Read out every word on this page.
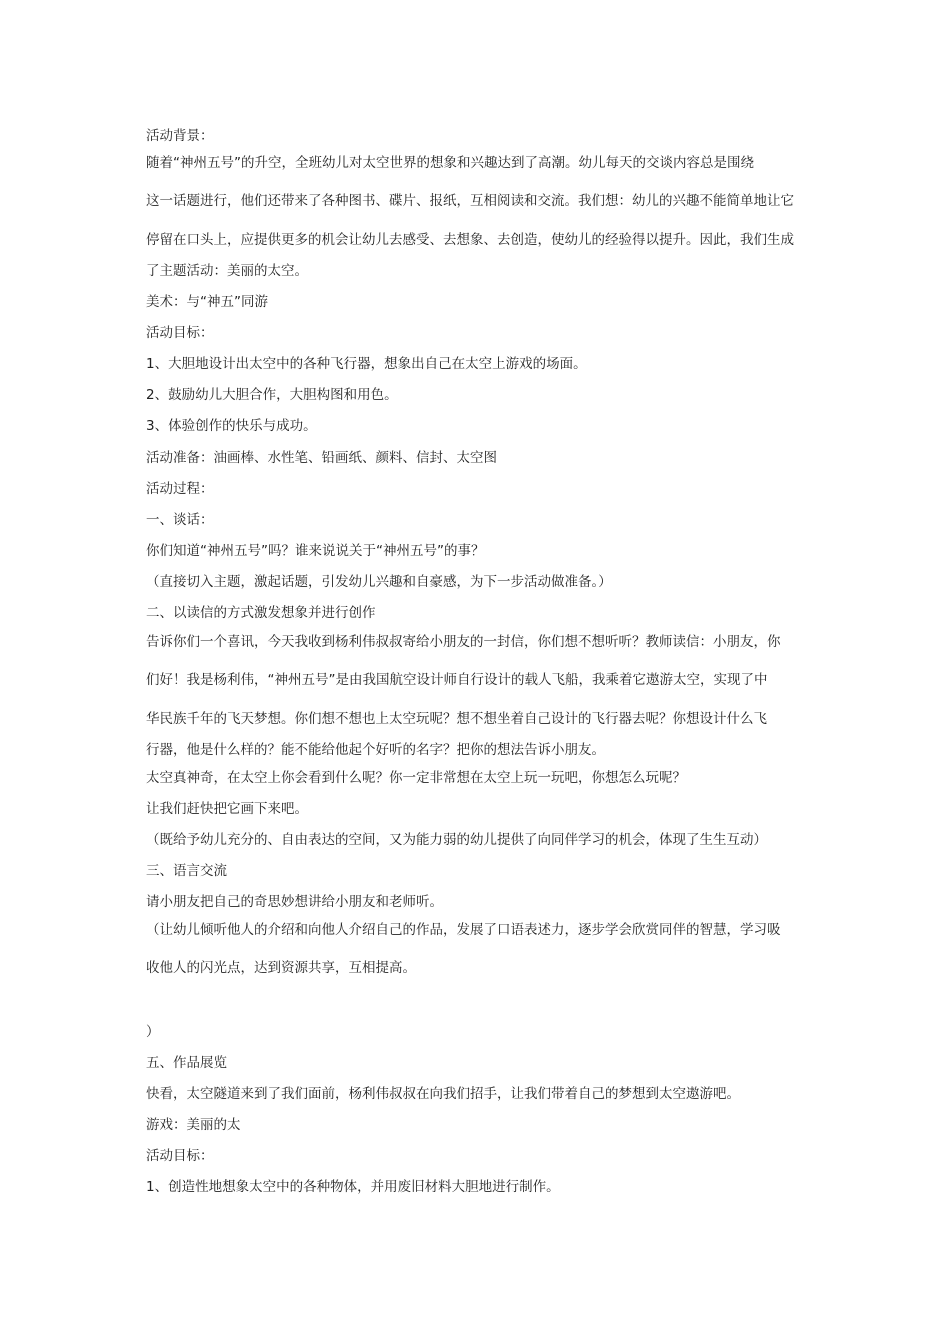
活动背景：
随着“神州五号”的升空，全班幼儿对太空世界的想象和兴趣达到了高潮。幼儿每天的交谈内容总是围绕
这一话题进行，他们还带来了各种图书、碟片、报纸，互相阅读和交流。我们想：幼儿的兴趣不能简单地让它
停留在口头上，应提供更多的机会让幼儿去感受、去想象、去创造，使幼儿的经验得以提升。因此，我们生成
了主题活动：美丽的太空。
美术：与“神五”同游
活动目标：
1、大胆地设计出太空中的各种飞行器，想象出自己在太空上游戏的场面。
2、鼓励幼儿大胆合作，大胆构图和用色。
3、体验创作的快乐与成功。
活动准备：油画棒、水性笔、铅画纸、颜料、信封、太空图
活动过程：
一、谈话：
你们知道“神州五号”吗？谁来说说关于“神州五号”的事？
（直接切入主题，激起话题，引发幼儿兴趣和自豪感，为下一步活动做准备。）
二、以读信的方式激发想象并进行创作
告诉你们一个喜讯，今天我收到杨利伟叔叔寄给小朋友的一封信，你们想不想听听？教师读信：小朋友，你
们好！我是杨利伟，“神州五号”是由我国航空设计师自行设计的载人飞船，我乘着它遨游太空，实现了中
华民族千年的飞天梦想。你们想不想也上太空玩呢？想不想坐着自己设计的飞行器去呢？你想设计什么飞
行器，他是什么样的？能不能给他起个好听的名字？把你的想法告诉小朋友。
太空真神奇，在太空上你会看到什么呢？你一定非常想在太空上玩一玩吧，你想怎么玩呢？
让我们赶快把它画下来吧。
（既给予幼儿充分的、自由表达的空间，又为能力弱的幼儿提供了向同伴学习的机会，体现了生生互动）
三、语言交流
请小朋友把自己的奇思妙想讲给小朋友和老师听。
（让幼儿倾听他人的介绍和向他人介绍自己的作品，发展了口语表述力，逐步学会欣赏同伴的智慧，学习吸
收他人的闪光点，达到资源共享，互相提高。
）
五、作品展览
快看，太空隧道来到了我们面前，杨利伟叔叔在向我们招手，让我们带着自己的梦想到太空遨游吧。
游戏：美丽的太
活动目标：
1、创造性地想象太空中的各种物体，并用废旧材料大胆地进行制作。
